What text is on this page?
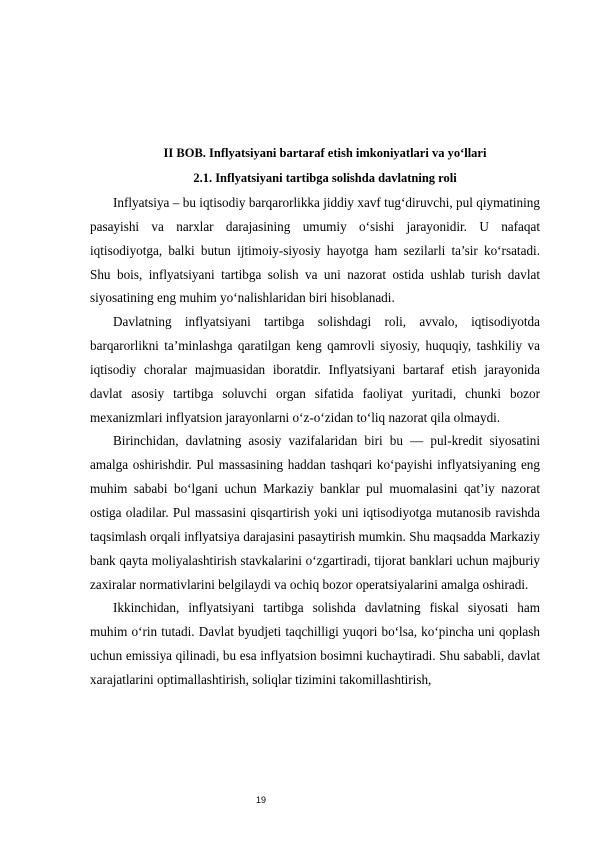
II BOB. Inflyatsiyani bartaraf etish imkoniyatlari va yo‘llari
2.1. Inflyatsiyani tartibga solishda davlatning roli

Inflyatsiya – bu iqtisodiy barqarorlikka jiddiy xavf tug‘diruvchi, pul qiymatining pasayishi va narxlar darajasining umumiy o‘sishi jarayonidir. U nafaqat iqtisodiyotga, balki butun ijtimoiy-siyosiy hayotga ham sezilarli ta’sir ko‘rsatadi. Shu bois, inflyatsiyani tartibga solish va uni nazorat ostida ushlab turish davlat siyosatining eng muhim yo‘nalishlaridan biri hisoblanadi.

Davlatning inflyatsiyani tartibga solishdagi roli, avvalo, iqtisodiyotda barqarorlikni ta’minlashga qaratilgan keng qamrovli siyosiy, huquqiy, tashkiliy va iqtisodiy choralar majmuasidan iboratdir. Inflyatsiyani bartaraf etish jarayonida davlat asosiy tartibga soluvchi organ sifatida faoliyat yuritadi, chunki bozor mexanizmlari inflyatsion jarayonlarni o‘z-o‘zidan to‘liq nazorat qila olmaydi.

Birinchidan, davlatning asosiy vazifalaridan biri bu — pul-kredit siyosatini amalga oshirishdir. Pul massasining haddan tashqari ko‘payishi inflyatsiyaning eng muhim sababi bo‘lgani uchun Markaziy banklar pul muomalasini qat’iy nazorat ostiga oladilar. Pul massasini qisqartirish yoki uni iqtisodiyotga mutanosib ravishda taqsimlash orqali inflyatsiya darajasini pasaytirish mumkin. Shu maqsadda Markaziy bank qayta moliyalashtirish stavkalarini o‘zgartiradi, tijorat banklari uchun majburiy zaxiralar normativlarini belgilaydi va ochiq bozor operatsiyalarini amalga oshiradi.

Ikkinchidan, inflyatsiyani tartibga solishda davlatning fiskal siyosati ham muhim o‘rin tutadi. Davlat byudjeti taqchilligi yuqori bo‘lsa, ko‘pincha uni qoplash uchun emissiya qilinadi, bu esa inflyatsion bosimni kuchaytiradi. Shu sababli, davlat xarajatlarini optimallashtirish, soliqlar tizimini takomillashtirish,

19
